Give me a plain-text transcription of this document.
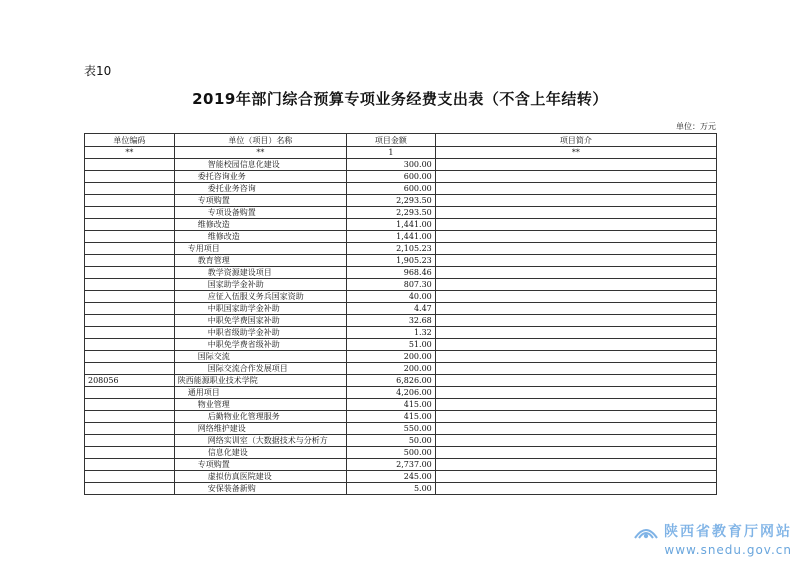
表10
2019年部门综合预算专项业务经费支出表（不含上年结转）
单位：万元
单位编码	单位（项目）名称	项目金额	项目简介
**	**	1	**
	智能校园信息化建设	300.00	
	委托咨询业务	600.00	
	委托业务咨询	600.00	
	专项购置	2,293.50	
	专项设备购置	2,293.50	
	维修改造	1,441.00	
	维修改造	1,441.00	
	专用项目	2,105.23	
	教育管理	1,905.23	
	教学资源建设项目	968.46	
	国家助学金补助	807.30	
	应征入伍服义务兵国家资助	40.00	
	中职国家助学金补助	4.47	
	中职免学费国家补助	32.68	
	中职省级助学金补助	1.32	
	中职免学费省级补助	51.00	
	国际交流	200.00	
	国际交流合作发展项目	200.00	
208056	陕西能源职业技术学院	6,826.00	
	通用项目	4,206.00	
	物业管理	415.00	
	后勤物业化管理服务	415.00	
	网络维护建设	550.00	
	网络实训室（大数据技术与分析方	50.00	
	信息化建设	500.00	
	专项购置	2,737.00	
	虚拟仿真医院建设	245.00	
	安保装备新购	5.00	
陕西省教育厅网站
www.snedu.gov.cn
